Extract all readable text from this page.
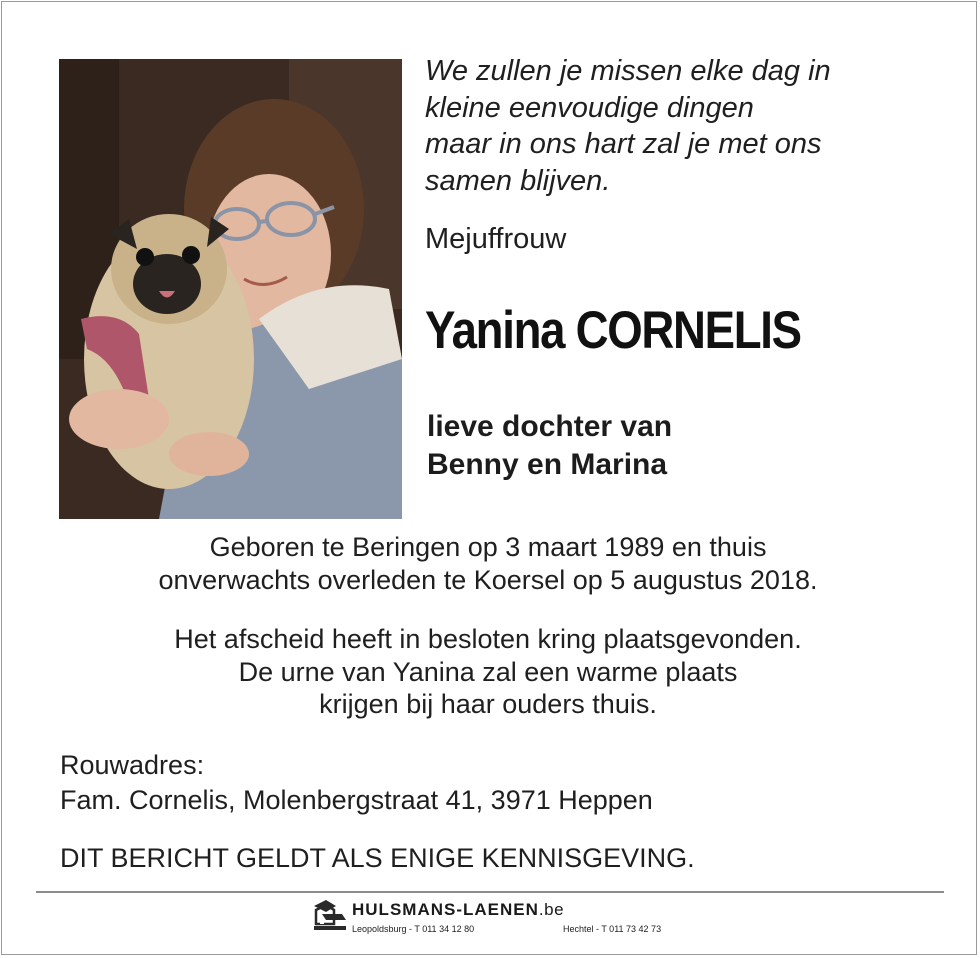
We zullen je missen elke dag in
kleine eenvoudige dingen
maar in ons hart zal je met ons
samen blijven.
Mejuffrouw
Yanina CORNELIS
lieve dochter van
Benny en Marina
Geboren te Beringen op 3 maart 1989 en thuis
onverwachts overleden te Koersel op 5 augustus 2018.
Het afscheid heeft in besloten kring plaatsgevonden.
De urne van Yanina zal een warme plaats
krijgen bij haar ouders thuis.
Rouwadres:
Fam. Cornelis, Molenbergstraat 41, 3971 Heppen
DIT BERICHT GELDT ALS ENIGE KENNISGEVING.
HULSMANS-LAENEN.be
Leopoldsburg - T 011 34 12 80	Hechtel - T 011 73 42 73
